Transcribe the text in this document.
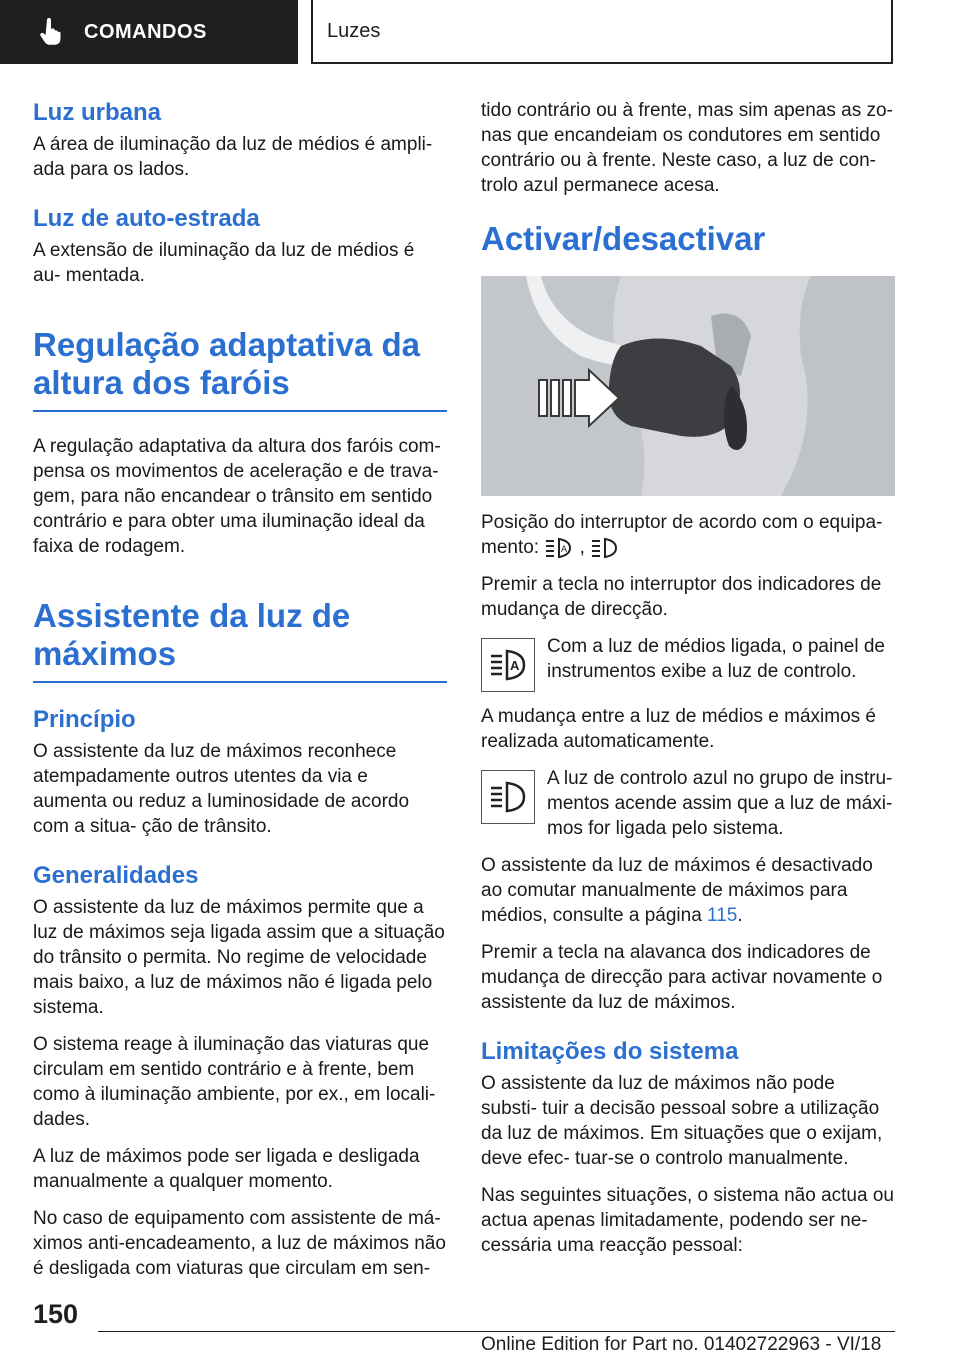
COMANDOS	Luzes
Luz urbana

A área de iluminação da luz de médios é ampli‑ ada para os lados.

Luz de auto-estrada

A extensão de iluminação da luz de médios é au‑ mentada.

Regulação adaptativa da altura dos faróis

A regulação adaptativa da altura dos faróis com‑ pensa os movimentos de aceleração e de trava‑ gem, para não encandear o trânsito em sentido contrário e para obter uma iluminação ideal da faixa de rodagem.

Assistente da luz de máximos
Princípio

O assistente da luz de máximos reconhece atempadamente outros utentes da via e aumenta ou reduz a luminosidade de acordo com a situa‑ ção de trânsito.

Generalidades

O assistente da luz de máximos permite que a luz de máximos seja ligada assim que a situação do trânsito o permita. No regime de velocidade mais baixo, a luz de máximos não é ligada pelo sistema.

O sistema reage à iluminação das viaturas que circulam em sentido contrário e à frente, bem como à iluminação ambiente, por ex., em locali‑ dades.

A luz de máximos pode ser ligada e desligada manualmente a qualquer momento.

No caso de equipamento com assistente de má‑ ximos anti-encadeamento, a luz de máximos não é desligada com viaturas que circulam em sen‑

tido contrário ou à frente, mas sim apenas as zo‑ nas que encandeiam os condutores em sentido contrário ou à frente. Neste caso, a luz de con‑ trolo azul permanece acesa.

Activar/desactivar

Posição do interruptor de acordo com o equipa‑ mento: A ,

Premir a tecla no interruptor dos indicadores de mudança de direcção.

A

Com a luz de médios ligada, o painel de instrumentos exibe a luz de controlo.

A mudança entre a luz de médios e máximos é realizada automaticamente.

A luz de controlo azul no grupo de instru‑ mentos acende assim que a luz de máxi‑ mos for ligada pelo sistema.

O assistente da luz de máximos é desactivado ao comutar manualmente de máximos para médios, consulte a página 115.

Premir a tecla na alavanca dos indicadores de mudança de direcção para activar novamente o assistente da luz de máximos.

Limitações do sistema

O assistente da luz de máximos não pode substi‑ tuir a decisão pessoal sobre a utilização da luz de máximos. Em situações que o exijam, deve efec‑ tuar-se o controlo manualmente.

Nas seguintes situações, o sistema não actua ou actua apenas limitadamente, podendo ser ne‑ cessária uma reacção pessoal:

150
Online Edition for Part no. 01402722963 - VI/18
